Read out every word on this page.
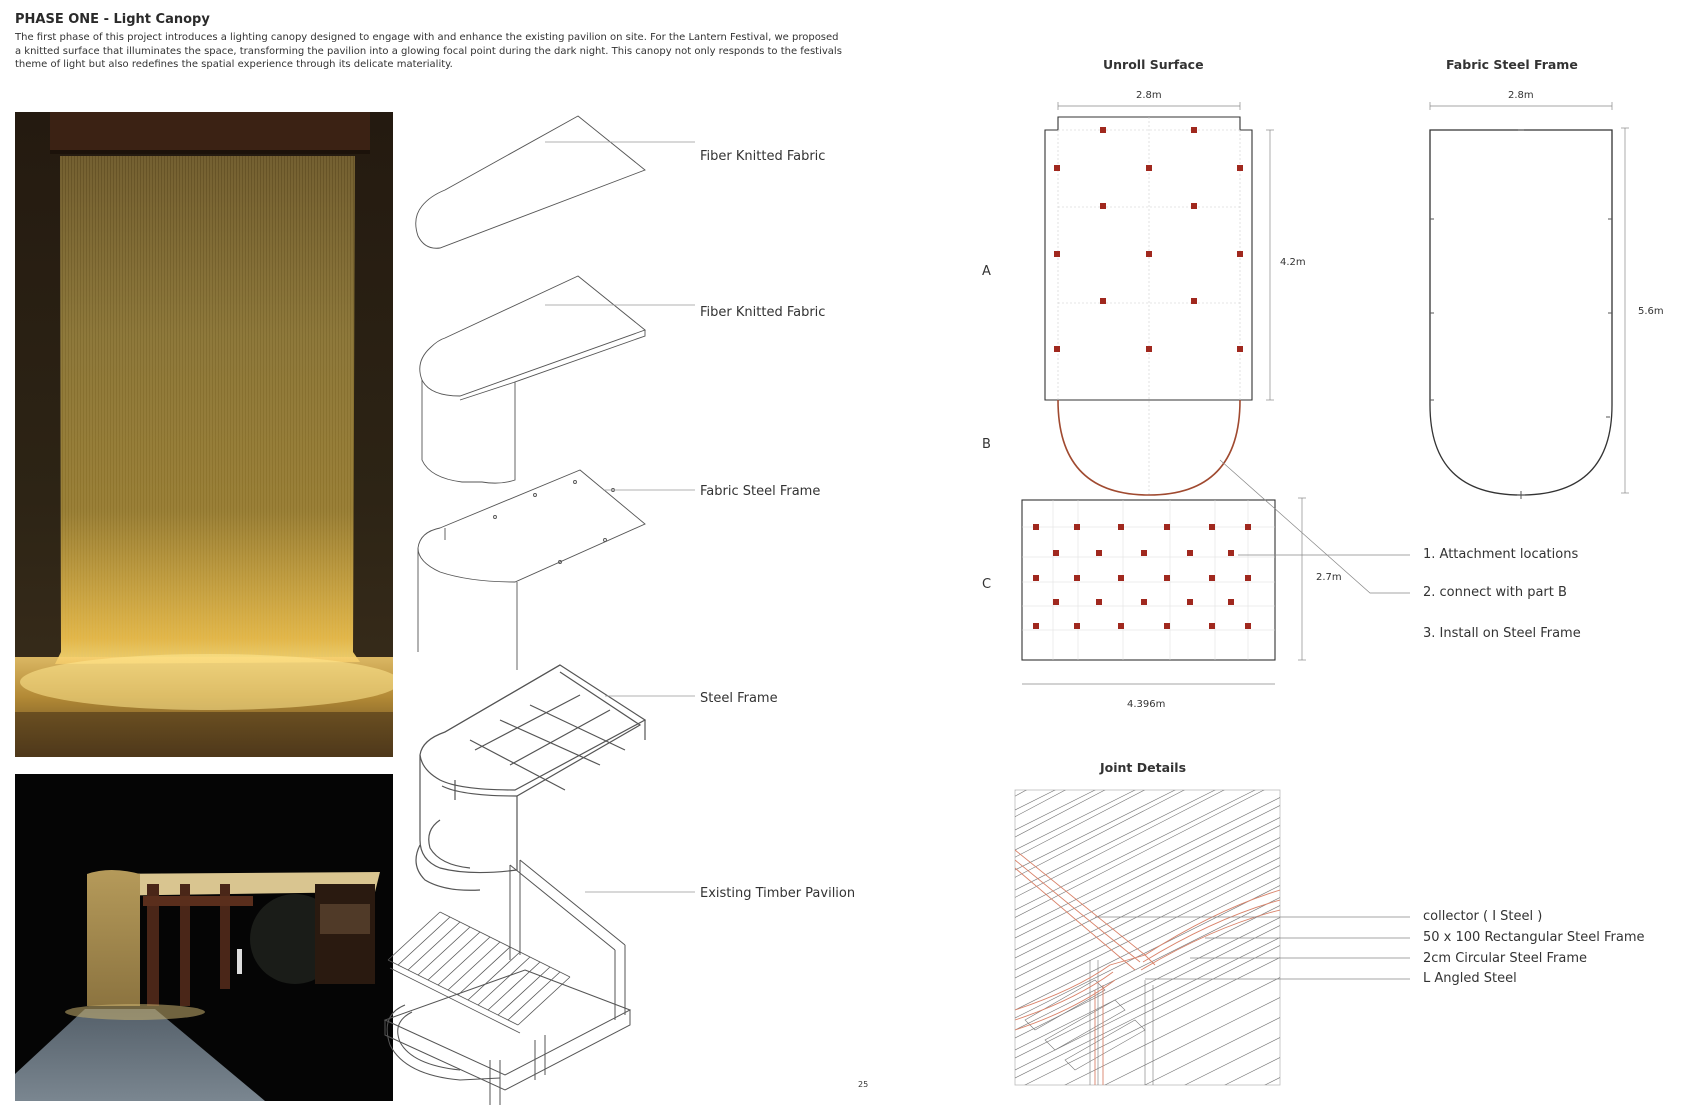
PHASE ONE - Light Canopy
The first phase of this project introduces a lighting canopy designed to engage with and enhance the existing pavilion on site. For the Lantern Festival, we proposed a knitted surface that illuminates the space, transforming the pavilion into a glowing focal point during the dark night. This canopy not only responds to the festivals theme of light but also redefines the spatial experience through its delicate materiality.
Fiber Knitted Fabric
Fiber Knitted Fabric
Fabric Steel Frame
Steel Frame
Existing Timber Pavilion
Unroll Surface
2.8m
4.2m
2.7m
4.396m
A
B
C
1. Attachment locations
2. connect with part B
3. Install on Steel Frame
Fabric Steel Frame
2.8m
5.6m
Joint Details
collector ( I Steel )
50 x 100 Rectangular Steel Frame
2cm Circular Steel Frame
L Angled Steel
25
